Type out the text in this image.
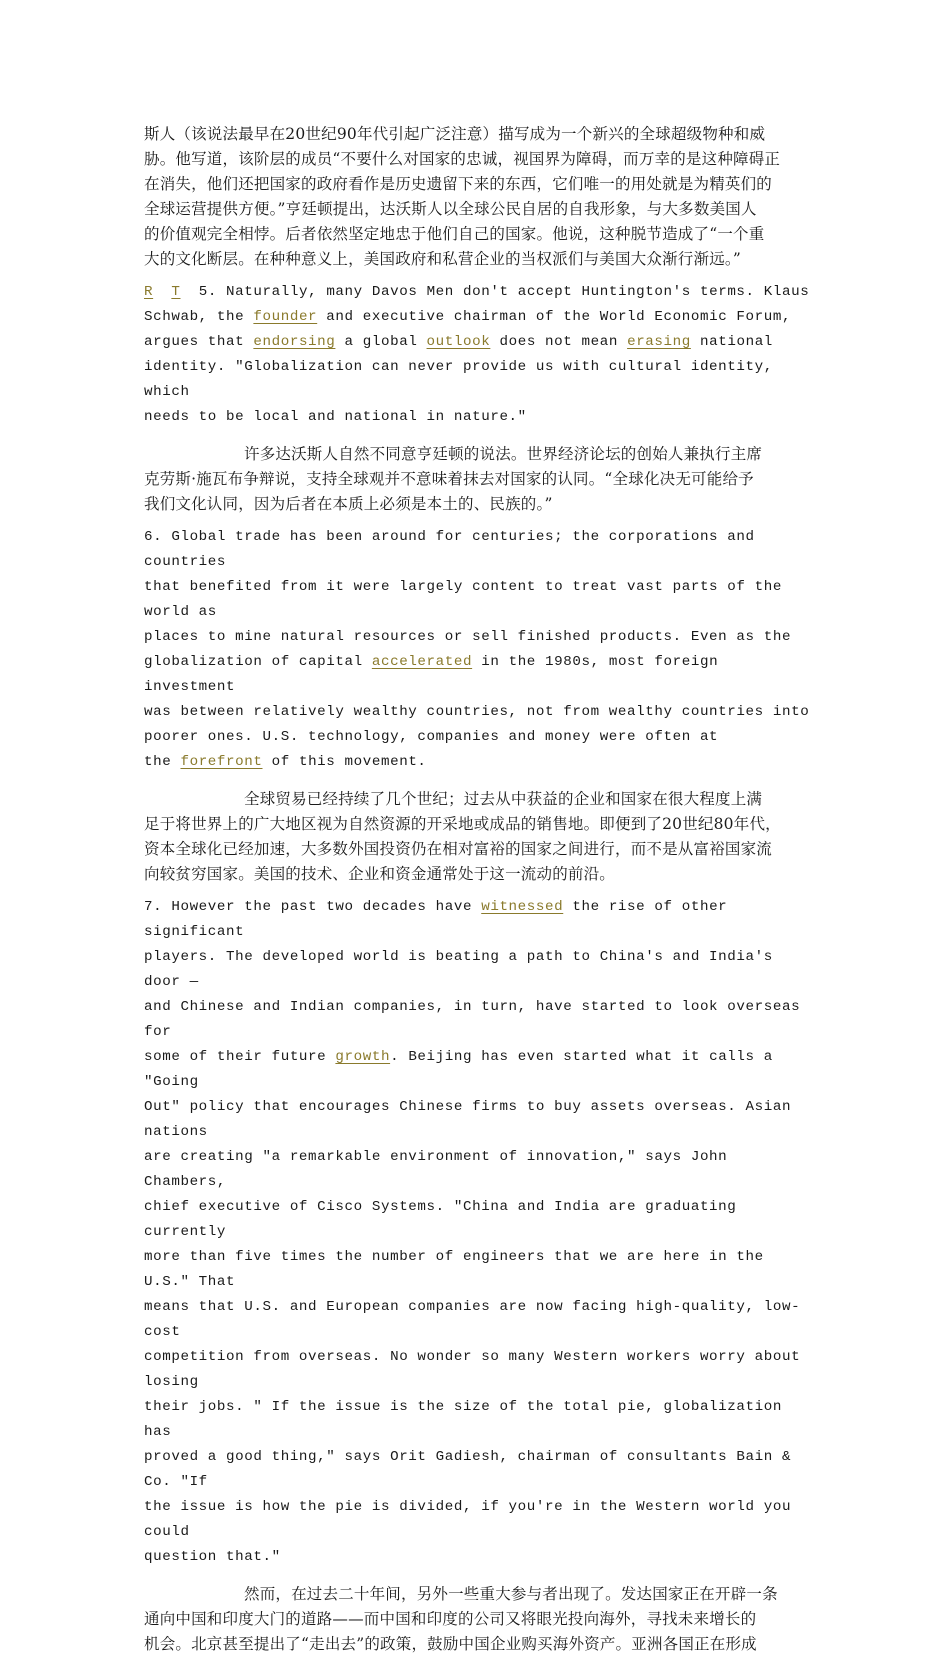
斯人（该说法最早在20世纪90年代引起广泛注意）描写成为一个新兴的全球超级物种和威

胁。他写道，该阶层的成员“不要什么对国家的忠诚，视国界为障碍，而万幸的是这种障碍正

在消失，他们还把国家的政府看作是历史遗留下来的东西，它们唯一的用处就是为精英们的

全球运营提供方便。”亨廷顿提出，达沃斯人以全球公民自居的自我形象，与大多数美国人

的价值观完全相悖。后者依然坚定地忠于他们自己的国家。他说，这种脱节造成了“一个重

大的文化断层。在种种意义上，美国政府和私营企业的当权派们与美国大众渐行渐远。”

R T 5. Naturally, many Davos Men don't accept Huntington's terms. Klaus

Schwab, the founder and executive chairman of the World Economic Forum,

argues that endorsing a global outlook does not mean erasing national

identity. "Globalization can never provide us with cultural identity, which

needs to be local and national in nature."

许多达沃斯人自然不同意亨廷顿的说法。世界经济论坛的创始人兼执行主席

克劳斯·施瓦布争辩说，支持全球观并不意味着抹去对国家的认同。“全球化决无可能给予

我们文化认同，因为后者在本质上必须是本土的、民族的。”

6. Global trade has been around for centuries; the corporations and countries

that benefited from it were largely content to treat vast parts of the world as

places to mine natural resources or sell finished products. Even as the

globalization of capital accelerated in the 1980s, most foreign investment

was between relatively wealthy countries, not from wealthy countries into

poorer ones. U.S. technology, companies and money were often at

the forefront of this movement.

全球贸易已经持续了几个世纪；过去从中获益的企业和国家在很大程度上满

足于将世界上的广大地区视为自然资源的开采地或成品的销售地。即便到了20世纪80年代，

资本全球化已经加速，大多数外国投资仍在相对富裕的国家之间进行，而不是从富裕国家流

向较贫穷国家。美国的技术、企业和资金通常处于这一流动的前沿。

7. However the past two decades have witnessed the rise of other significant

players. The developed world is beating a path to China's and India's door —

and Chinese and Indian companies, in turn, have started to look overseas for

some of their future growth. Beijing has even started what it calls a "Going

Out" policy that encourages Chinese firms to buy assets overseas. Asian nations

are creating "a remarkable environment of innovation," says John Chambers,

chief executive of Cisco Systems. "China and India are graduating currently

more than five times the number of engineers that we are here in the U.S." That

means that U.S. and European companies are now facing high-quality, low-cost

competition from overseas. No wonder so many Western workers worry about losing

their jobs. " If the issue is the size of the total pie, globalization has

proved a good thing," says Orit Gadiesh, chairman of consultants Bain & Co. "If

the issue is how the pie is divided, if you're in the Western world you could

question that."

然而，在过去二十年间，另外一些重大参与者出现了。发达国家正在开辟一条

通向中国和印度大门的道路——而中国和印度的公司又将眼光投向海外，寻找未来增长的

机会。北京甚至提出了“走出去”的政策，鼓励中国企业购买海外资产。亚洲各国正在形成
